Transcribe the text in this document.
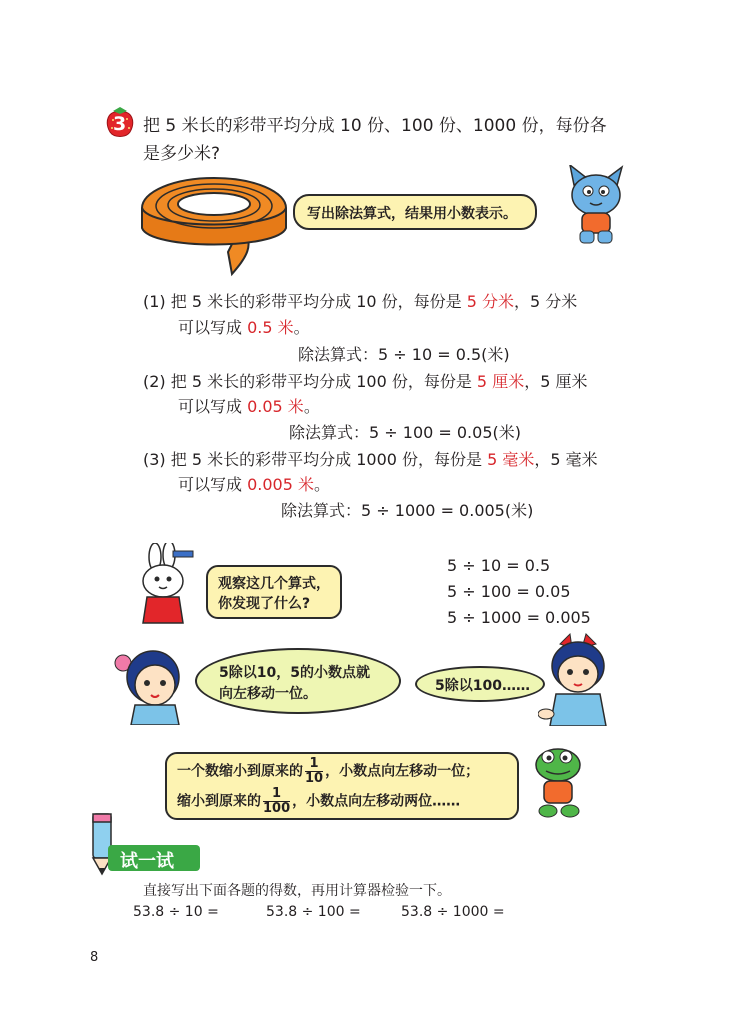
3 把 5 米长的彩带平均分成 10 份、100 份、1000 份，每份各
是多少米?
写出除法算式，结果用小数表示。
(1) 把 5 米长的彩带平均分成 10 份，每份是 5 分米，5 分米
可以写成 0.5 米。
除法算式：5 ÷ 10 = 0.5(米)
(2) 把 5 米长的彩带平均分成 100 份，每份是 5 厘米，5 厘米
可以写成 0.05 米。
除法算式：5 ÷ 100 = 0.05(米)
(3) 把 5 米长的彩带平均分成 1000 份，每份是 5 毫米，5 毫米
可以写成 0.005 米。
除法算式：5 ÷ 1000 = 0.005(米)
观察这几个算式，
你发现了什么?
5 ÷ 10 = 0.5
5 ÷ 100 = 0.05
5 ÷ 1000 = 0.005
5除以10，5的小数点就
向左移动一位。	5除以100……
一个数缩小到原来的 $\frac{1}{10}$ ，小数点向左移动一位；
缩小到原来的 $\frac{1}{100}$ ，小数点向左移动两位……
试一试
直接写出下面各题的得数，再用计算器检验一下。
53.8 ÷ 10 =	53.8 ÷ 100 =	53.8 ÷ 1000 =
8
